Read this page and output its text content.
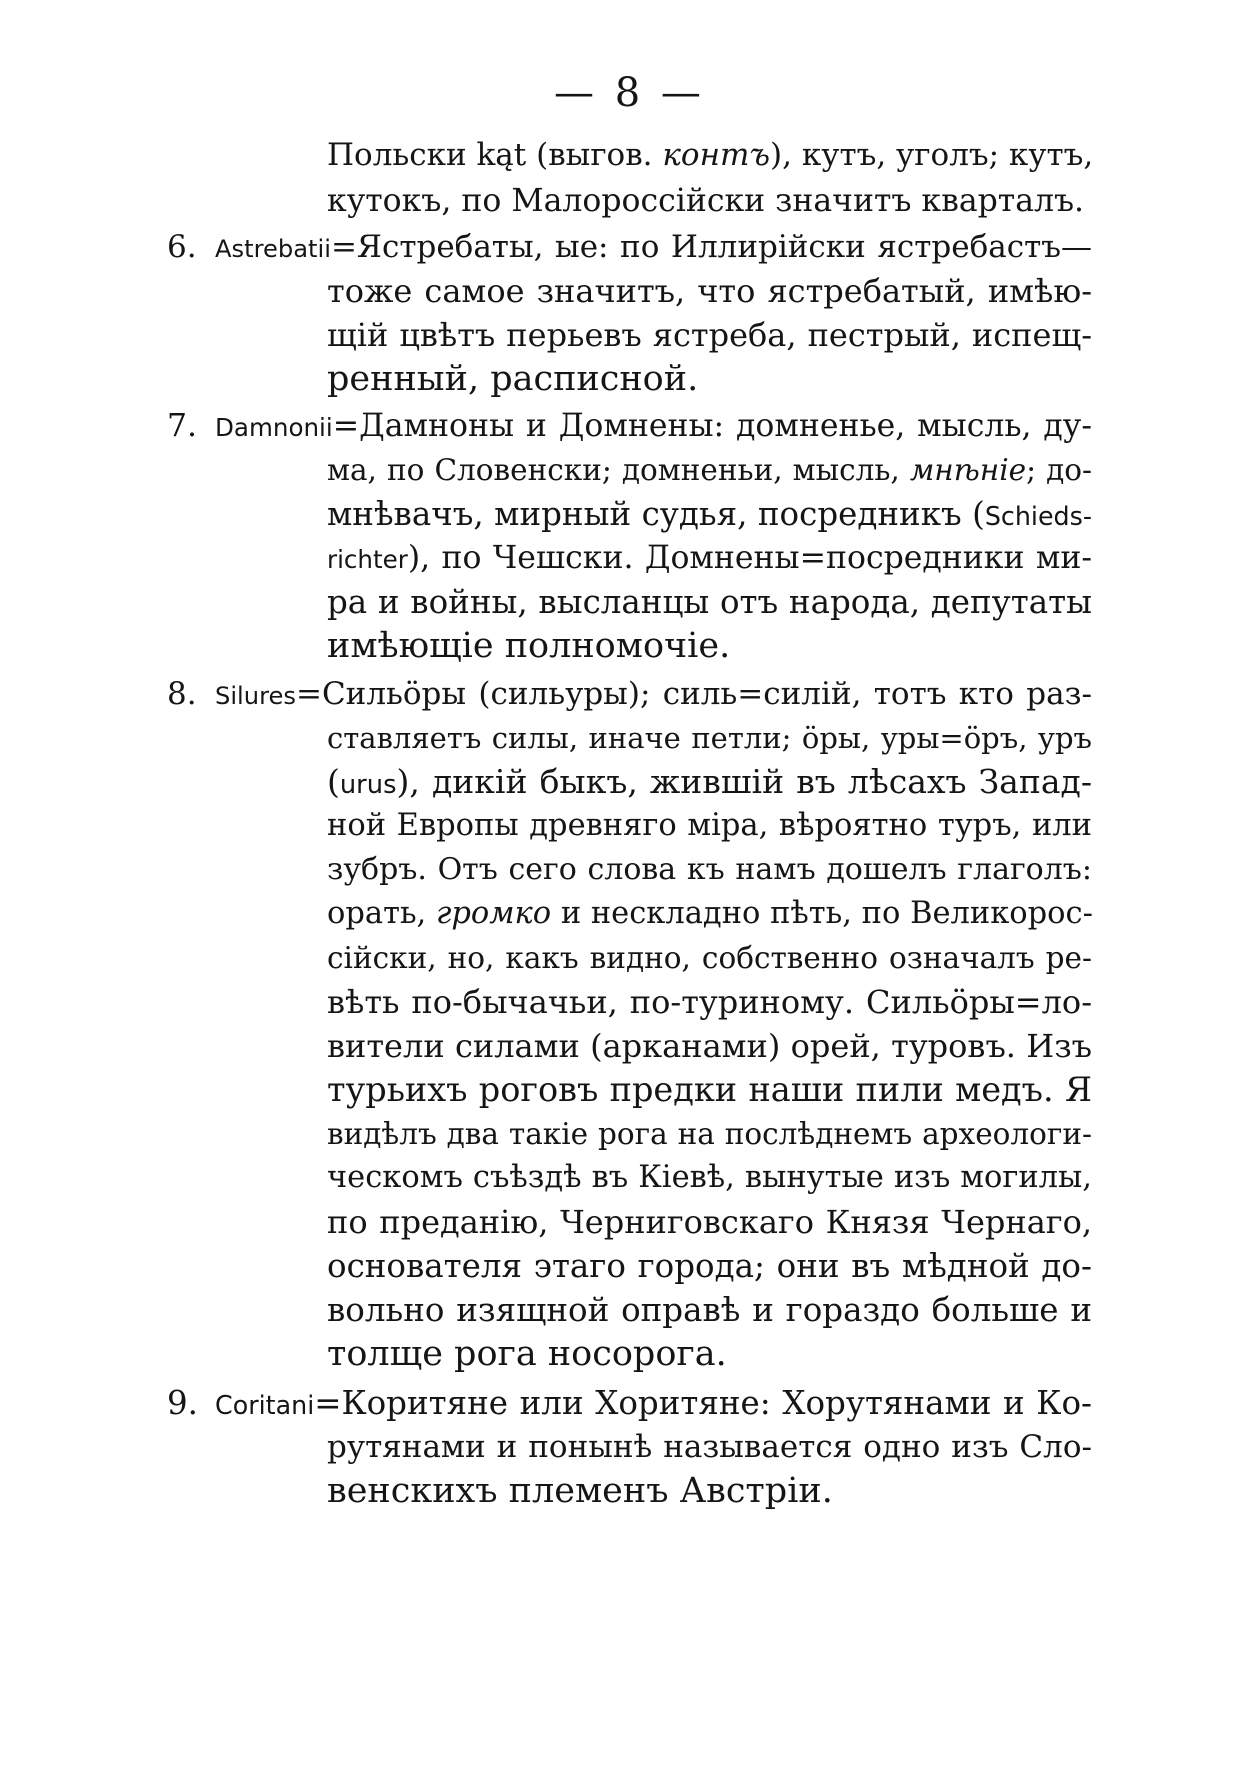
— 8 —
Польски kąt (выгов. контъ), кутъ, уголъ; кутъ,
кутокъ, по Малороссійски значитъ кварталъ.
6. Astrebatii=Ястребаты, ые: по Иллирійски ястребастъ—
тоже самое значитъ, что ястребатый, имѣю-
щій цвѣтъ перьевъ ястреба, пестрый, испещ-
ренный, расписной.
7. Damnonii=Дамноны и Домнены: домненье, мысль, ду-
ма, по Словенски; домненьи, мысль, мнѣніе; до-
мнѣвачъ, мирный судья, посредникъ (Schieds-
richter), по Чешски. Домнены=посредники ми-
ра и войны, высланцы отъ народа, депутаты
имѣющіе полномочіе.
8. Silures=Сильӧры (сильуры); силь=силій, тотъ кто раз-
ставляетъ силы, иначе петли; ӧры, уры=ӧръ, уръ
(urus), дикій быкъ, жившій въ лѣсахъ Запад-
ной Европы древняго міра, вѣроятно туръ, или
зубръ. Отъ сего слова къ намъ дошелъ глаголъ:
орать, громко и нескладно пѣть, по Великорос-
сійски, но, какъ видно, собственно означалъ ре-
вѣть по-бычачьи, по-туриному. Сильӧры=ло-
вители силами (арканами) орей, туровъ. Изъ
турьихъ роговъ предки наши пили медъ. Я
видѣлъ два такіе рога на послѣднемъ археологи-
ческомъ съѣздѣ въ Кіевѣ, вынутые изъ могилы,
по преданію, Черниговскаго Князя Чернаго,
основателя этаго города; они въ мѣдной до-
вольно изящной оправѣ и гораздо больше и
толще рога носорога.
9. Coritani=Коритяне или Хоритяне: Хорутянами и Ко-
рутянами и понынѣ называется одно изъ Сло-
венскихъ племенъ Австріи.
